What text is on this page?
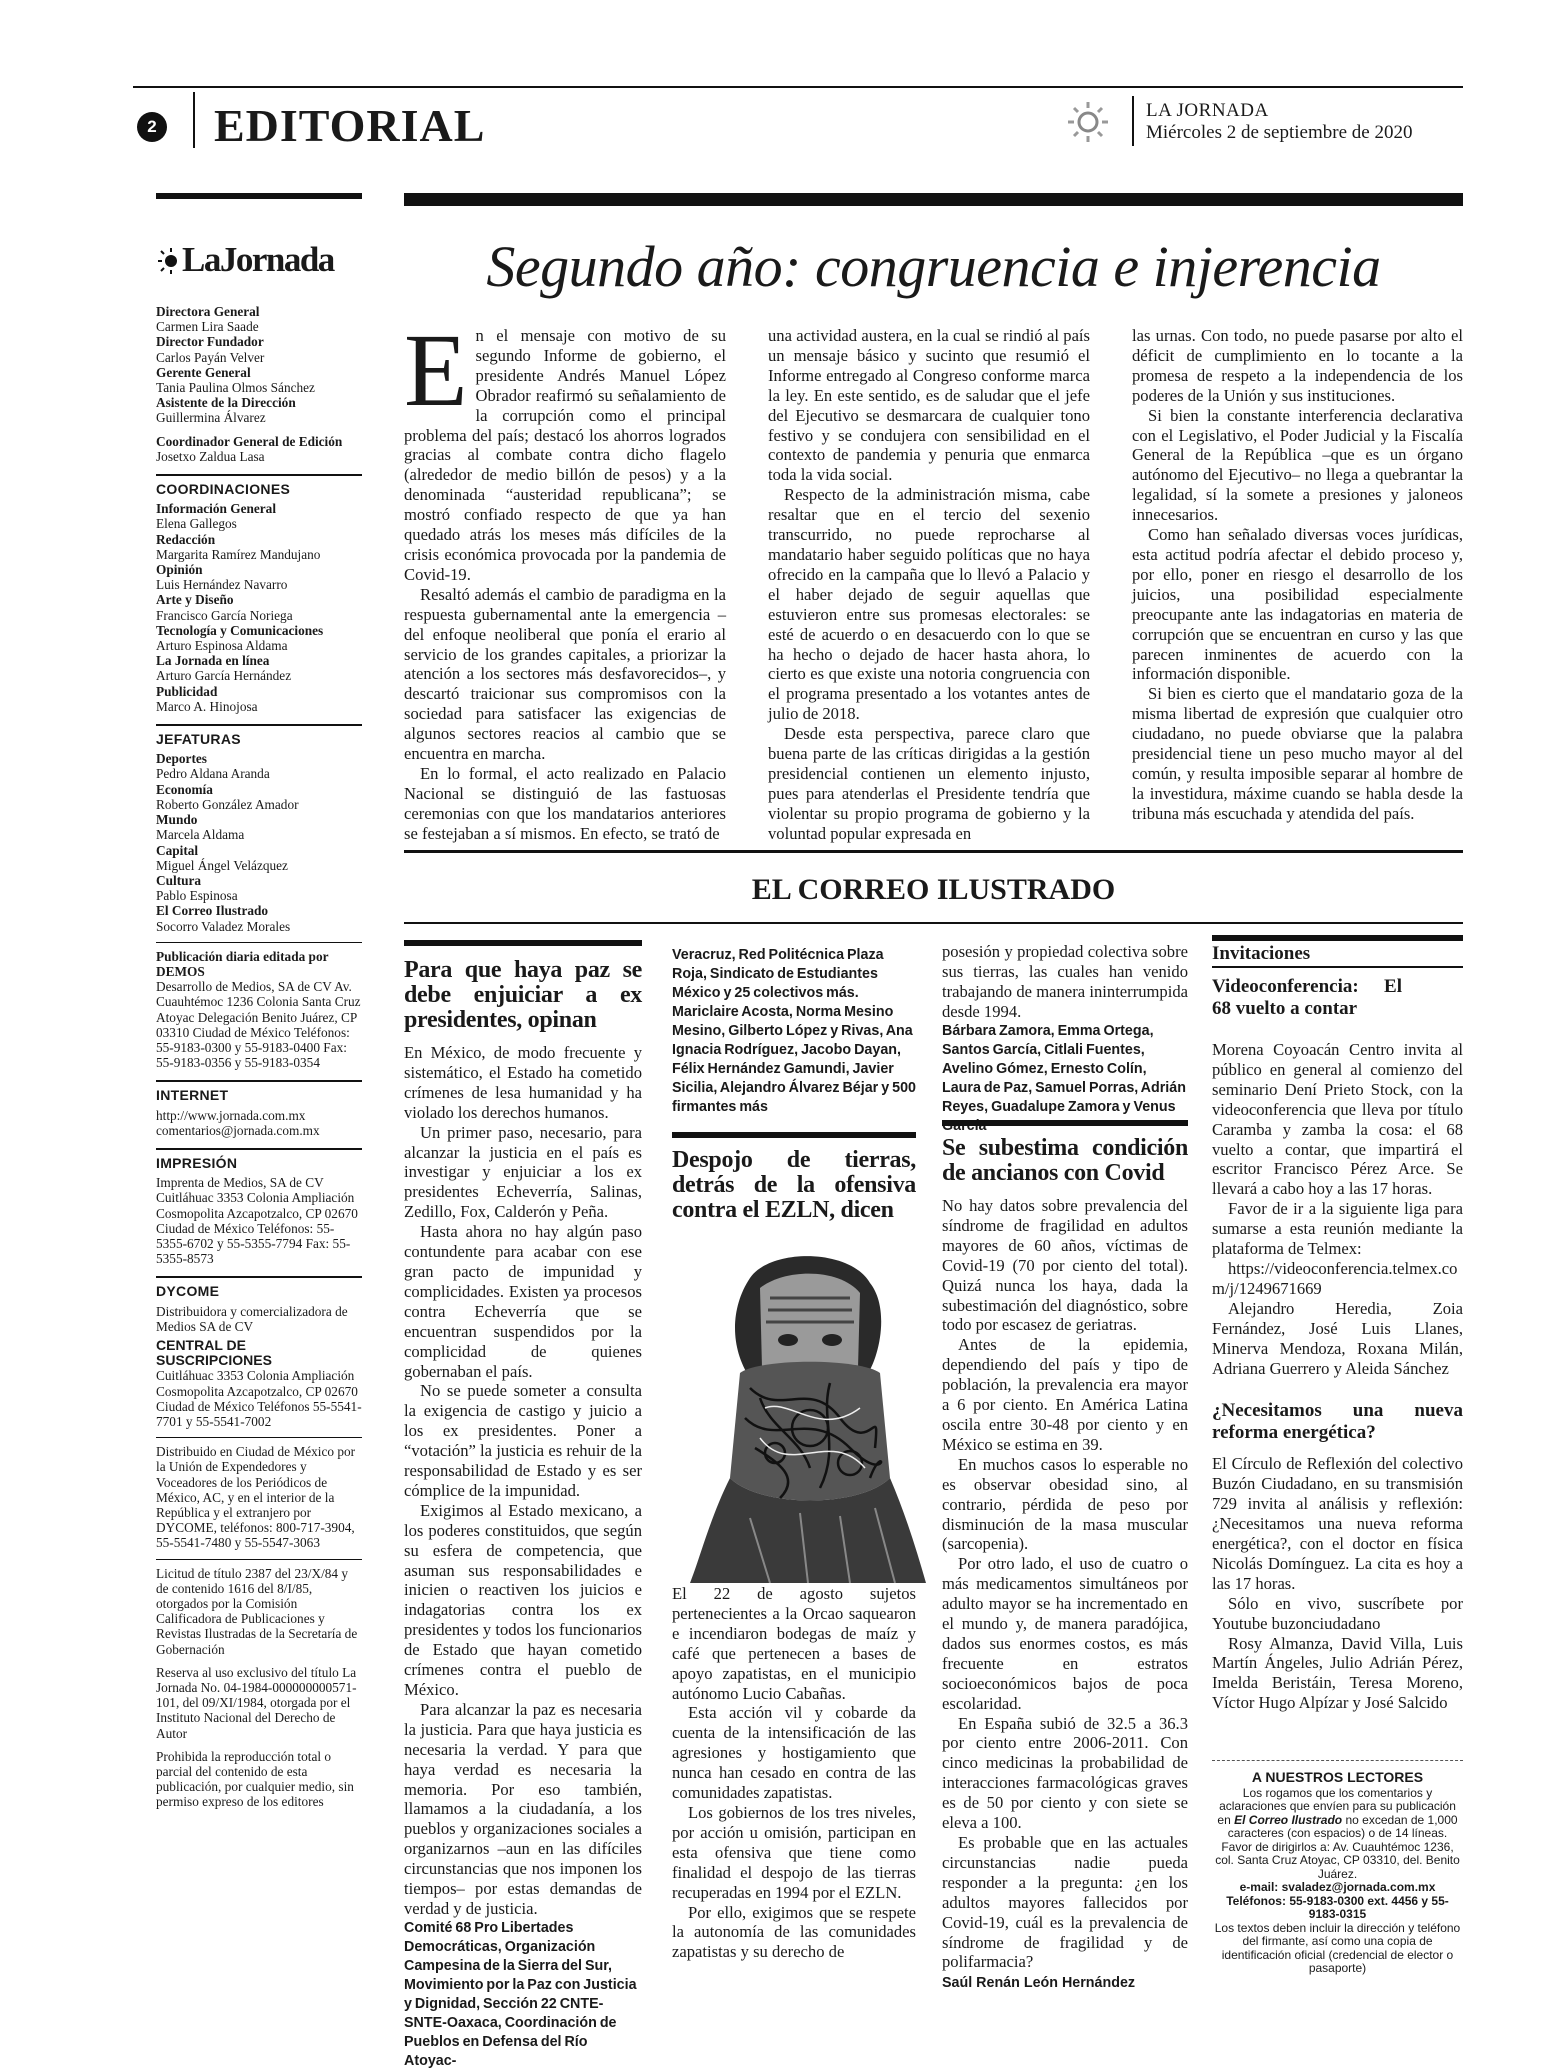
2 EDITORIAL	LA JORNADA
Miércoles 2 de septiembre de 2020
LaJornada
Directora General
Carmen Lira Saade
Director Fundador
Carlos Payán Velver
Gerente General
Tania Paulina Olmos Sánchez
Asistente de la Dirección
Guillermina Álvarez
Coordinador General de Edición
Josetxo Zaldua Lasa
COORDINACIONES
Información General
Elena Gallegos
Redacción
Margarita Ramírez Mandujano
Opinión
Luis Hernández Navarro
Arte y Diseño
Francisco García Noriega
Tecnología y Comunicaciones
Arturo Espinosa Aldama
La Jornada en línea
Arturo García Hernández
Publicidad
Marco A. Hinojosa
JEFATURAS
Deportes
Pedro Aldana Aranda
Economía
Roberto González Amador
Mundo
Marcela Aldama
Capital
Miguel Ángel Velázquez
Cultura
Pablo Espinosa
El Correo Ilustrado
Socorro Valadez Morales
Publicación diaria editada por DEMOS
Desarrollo de Medios, SA de CV Av. Cuauhtémoc 1236 Colonia Santa Cruz Atoyac Delegación Benito Juárez, CP 03310 Ciudad de México Teléfonos: 55-9183-0300 y 55-9183-0400 Fax: 55-9183-0356 y 55-9183-0354
INTERNET
http://www.jornada.com.mx comentarios@jornada.com.mx
IMPRESIÓN
Imprenta de Medios, SA de CV Cuitláhuac 3353 Colonia Ampliación Cosmopolita Azcapotzalco, CP 02670 Ciudad de México Teléfonos: 55-5355-6702 y 55-5355-7794 Fax: 55-5355-8573
DYCOME
Distribuidora y comercializadora de Medios SA de CV
CENTRAL DE SUSCRIPCIONES
Cuitláhuac 3353 Colonia Ampliación Cosmopolita Azcapotzalco, CP 02670 Ciudad de México Teléfonos 55-5541-7701 y 55-5541-7002
Distribuido en Ciudad de México por la Unión de Expendedores y Voceadores de los Periódicos de México, AC, y en el interior de la República y el extranjero por DYCOME, teléfonos: 800-717-3904, 55-5541-7480 y 55-5547-3063
Licitud de título 2387 del 23/X/84 y de contenido 1616 del 8/I/85, otorgados por la Comisión Calificadora de Publicaciones y Revistas Ilustradas de la Secretaría de Gobernación
Reserva al uso exclusivo del título La Jornada No. 04-1984-000000000571-101, del 09/XI/1984, otorgada por el Instituto Nacional del Derecho de Autor
Prohibida la reproducción total o parcial del contenido de esta publicación, por cualquier medio, sin permiso expreso de los editores
Segundo año: congruencia e injerencia
E n el mensaje con motivo de su segundo Informe de gobierno, el presidente Andrés Manuel López Obrador reafirmó su señalamiento de la corrupción como el principal problema del país; destacó los ahorros logrados gracias al combate contra dicho flagelo (alrededor de medio billón de pesos) y a la denominada “austeridad republicana”; se mostró confiado respecto de que ya han quedado atrás los meses más difíciles de la crisis económica provocada por la pandemia de Covid-19.

Resaltó además el cambio de paradigma en la respuesta gubernamental ante la emergencia –del enfoque neoliberal que ponía el erario al servicio de los grandes capitales, a priorizar la atención a los sectores más desfavorecidos–, y descartó traicionar sus compromisos con la sociedad para satisfacer las exigencias de algunos sectores reacios al cambio que se encuentra en marcha.

En lo formal, el acto realizado en Palacio Nacional se distinguió de las fastuosas ceremonias con que los mandatarios anteriores se festejaban a sí mismos. En efecto, se trató de

una actividad austera, en la cual se rindió al país un mensaje básico y sucinto que resumió el Informe entregado al Congreso conforme marca la ley. En este sentido, es de saludar que el jefe del Ejecutivo se desmarcara de cualquier tono festivo y se condujera con sensibilidad en el contexto de pandemia y penuria que enmarca toda la vida social.

Respecto de la administración misma, cabe resaltar que en el tercio del sexenio transcurrido, no puede reprocharse al mandatario haber seguido políticas que no haya ofrecido en la campaña que lo llevó a Palacio y el haber dejado de seguir aquellas que estuvieron entre sus promesas electorales: se esté de acuerdo o en desacuerdo con lo que se ha hecho o dejado de hacer hasta ahora, lo cierto es que existe una notoria congruencia con el programa presentado a los votantes antes de julio de 2018.

Desde esta perspectiva, parece claro que buena parte de las críticas dirigidas a la gestión presidencial contienen un elemento injusto, pues para atenderlas el Presidente tendría que violentar su propio programa de gobierno y la voluntad popular expresada en

las urnas. Con todo, no puede pasarse por alto el déficit de cumplimiento en lo tocante a la promesa de respeto a la independencia de los poderes de la Unión y sus instituciones.

Si bien la constante interferencia declarativa con el Legislativo, el Poder Judicial y la Fiscalía General de la República –que es un órgano autónomo del Ejecutivo– no llega a quebrantar la legalidad, sí la somete a presiones y jaloneos innecesarios.

Como han señalado diversas voces jurídicas, esta actitud podría afectar el debido proceso y, por ello, poner en riesgo el desarrollo de los juicios, una posibilidad especialmente preocupante ante las indagatorias en materia de corrupción que se encuentran en curso y las que parecen inminentes de acuerdo con la información disponible.

Si bien es cierto que el mandatario goza de la misma libertad de expresión que cualquier otro ciudadano, no puede obviarse que la palabra presidencial tiene un peso mucho mayor al del común, y resulta imposible separar al hombre de la investidura, máxime cuando se habla desde la tribuna más escuchada y atendida del país.

EL CORREO ILUSTRADO
Para que haya paz se debe enjuiciar a ex presidentes, opinan

En México, de modo frecuente y sistemático, el Estado ha cometido crímenes de lesa humanidad y ha violado los derechos humanos.

Un primer paso, necesario, para alcanzar la justicia en el país es investigar y enjuiciar a los ex presidentes Echeverría, Salinas, Zedillo, Fox, Calderón y Peña.

Hasta ahora no hay algún paso contundente para acabar con ese gran pacto de impunidad y complicidades. Existen ya procesos contra Echeverría que se encuentran suspendidos por la complicidad de quienes gobernaban el país.

No se puede someter a consulta la exigencia de castigo y juicio a los ex presidentes. Poner a “votación” la justicia es rehuir de la responsabilidad de Estado y es ser cómplice de la impunidad.

Exigimos al Estado mexicano, a los poderes constituidos, que según su esfera de competencia, que asuman sus responsabilidades e inicien o reactiven los juicios e indagatorias contra los ex presidentes y todos los funcionarios de Estado que hayan cometido crímenes contra el pueblo de México.

Para alcanzar la paz es necesaria la justicia. Para que haya justicia es necesaria la verdad. Y para que haya verdad es necesaria la memoria. Por eso también, llamamos a la ciudadanía, a los pueblos y organizaciones sociales a organizarnos –aun en las difíciles circunstancias que nos imponen los tiempos– por estas demandas de verdad y de justicia.

Comité 68 Pro Libertades Democráticas, Organización Campesina de la Sierra del Sur, Movimiento por la Paz con Justicia y Dignidad, Sección 22 CNTE-SNTE-Oaxaca, Coordinación de Pueblos en Defensa del Río Atoyac-

Veracruz, Red Politécnica Plaza Roja, Sindicato de Estudiantes México y 25 colectivos más. Mariclaire Acosta, Norma Mesino Mesino, Gilberto López y Rivas, Ana Ignacia Rodríguez, Jacobo Dayan, Félix Hernández Gamundi, Javier Sicilia, Alejandro Álvarez Béjar y 500 firmantes más

Despojo de tierras, detrás de la ofensiva contra el EZLN, dicen

El 22 de agosto sujetos pertenecientes a la Orcao saquearon e incendiaron bodegas de maíz y café que pertenecen a bases de apoyo zapatistas, en el municipio autónomo Lucio Cabañas.

Esta acción vil y cobarde da cuenta de la intensificación de las agresiones y hostigamiento que nunca han cesado en contra de las comunidades zapatistas.

Los gobiernos de los tres niveles, por acción u omisión, participan en esta ofensiva que tiene como finalidad el despojo de las tierras recuperadas en 1994 por el EZLN.

Por ello, exigimos que se respete la autonomía de las comunidades zapatistas y su derecho de

posesión y propiedad colectiva sobre sus tierras, las cuales han venido trabajando de manera ininterrumpida desde 1994.

Bárbara Zamora, Emma Ortega, Santos García, Citlali Fuentes, Avelino Gómez, Ernesto Colín, Laura de Paz, Samuel Porras, Adrián Reyes, Guadalupe Zamora y Venus

Se subestima condición de ancianos con Covid

No hay datos sobre prevalencia del síndrome de fragilidad en adultos mayores de 60 años, víctimas de Covid-19 (70 por ciento del total). Quizá nunca los haya, dada la subestimación del diagnóstico, sobre todo por escasez de geriatras.

Antes de la epidemia, dependiendo del país y tipo de población, la prevalencia era mayor a 6 por ciento. En América Latina oscila entre 30-48 por ciento y en México se estima en 39.

En muchos casos lo esperable no es observar obesidad sino, al contrario, pérdida de peso por disminución de la masa muscular (sarcopenia).

Por otro lado, el uso de cuatro o más medicamentos simultáneos por adulto mayor se ha incrementado en el mundo y, de manera paradójica, dados sus enormes costos, es más frecuente en estratos socioeconómicos bajos de poca escolaridad.

En España subió de 32.5 a 36.3 por ciento entre 2006-2011. Con cinco medicinas la probabilidad de interacciones farmacológicas graves es de 50 por ciento y con siete se eleva a 100.

Es probable que en las actuales circunstancias nadie pueda responder a la pregunta: ¿en los adultos mayores fallecidos por Covid-19, cuál es la prevalencia de síndrome de fragilidad y de polifarmacia?

Saúl Renán León Hernández

Invitaciones
Videoconferencia: El 68 vuelto a contar

Morena Coyoacán Centro invita al público en general al comienzo del seminario Dení Prieto Stock, con la videoconferencia que lleva por título Caramba y zamba la cosa: el 68 vuelto a contar, que impartirá el escritor Francisco Pérez Arce. Se llevará a cabo hoy a las 17 horas.

Favor de ir a la siguiente liga para sumarse a esta reunión mediante la plataforma de Telmex:

https://videoconferencia.telmex.com/j/1249671669

Alejandro Heredia, Zoia Fernández, José Luis Llanes, Minerva Mendoza, Roxana Milán, Adriana Guerrero y Aleida Sánchez

¿Necesitamos una nueva reforma energética?

El Círculo de Reflexión del colectivo Buzón Ciudadano, en su transmisión 729 invita al análisis y reflexión: ¿Necesitamos una nueva reforma energética?, con el doctor en física Nicolás Domínguez. La cita es hoy a las 17 horas.

Sólo en vivo, suscríbete por Youtube buzonciudadano

Rosy Almanza, David Villa, Luis Martín Ángeles, Julio Adrián Pérez, Imelda Beristáin, Teresa Moreno, Víctor Hugo Alpízar y José Salcido

A NUESTROS LECTORES
Los rogamos que los comentarios y aclaraciones que envíen para su publicación en El Correo Ilustrado no excedan de 1,000 caracteres (con espacios) o de 14 líneas. Favor de dirigirlos a: Av. Cuauhtémoc 1236, col. Santa Cruz Atoyac, CP 03310, del. Benito Juárez.
e-mail: svaladez@jornada.com.mx
Teléfonos: 55-9183-0300 ext. 4456 y 55-9183-0315
Los textos deben incluir la dirección y teléfono del firmante, así como una copia de identificación oficial (credencial de elector o pasaporte)
